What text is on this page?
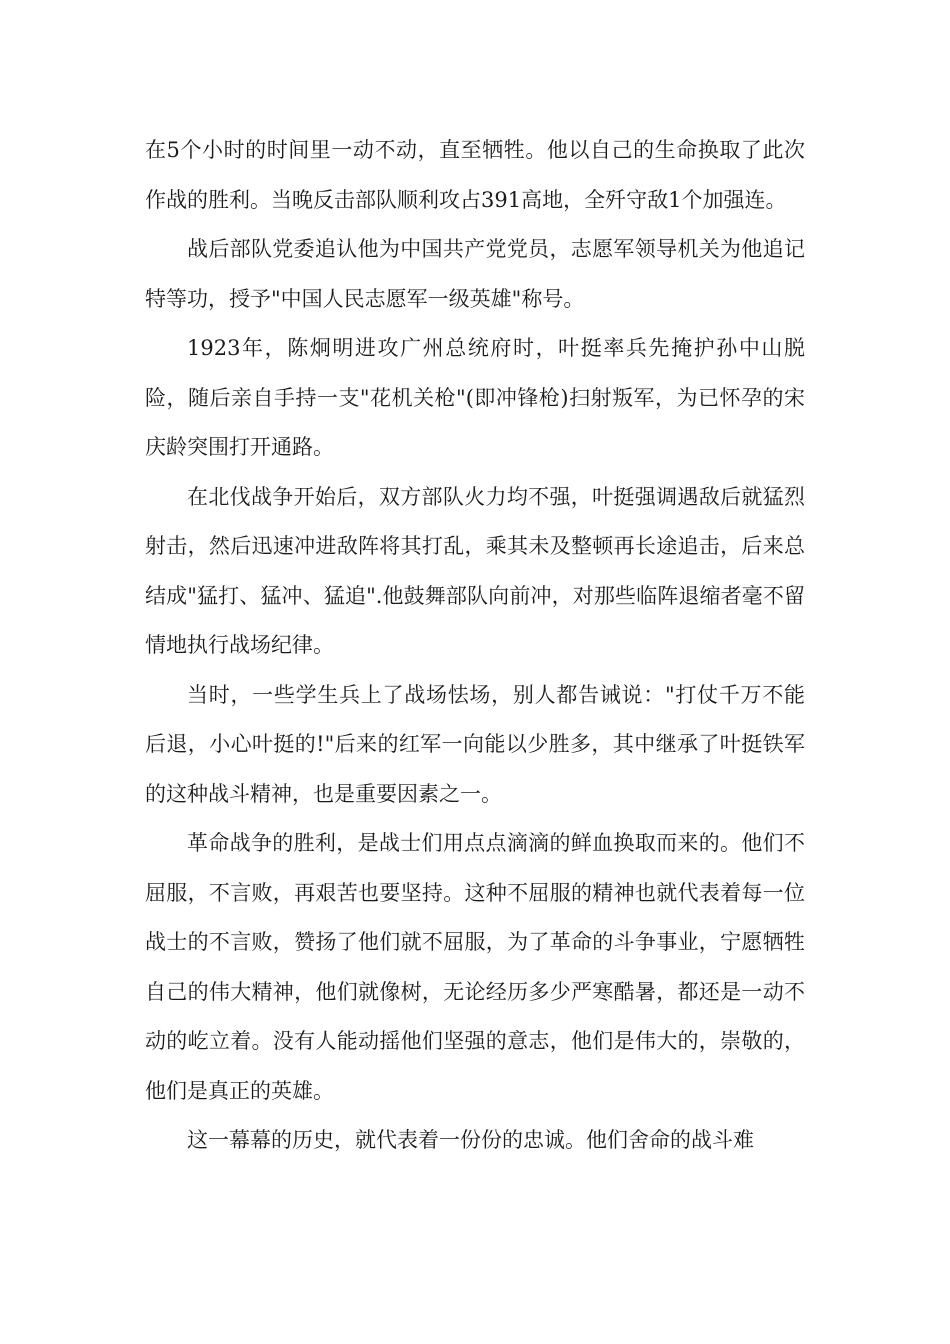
在5个小时的时间里一动不动，直至牺牲。他以自己的生命换取了此次作战的胜利。当晚反击部队顺利攻占391高地，全歼守敌1个加强连。

战后部队党委追认他为中国共产党党员，志愿军领导机关为他追记特等功，授予"中国人民志愿军一级英雄"称号。

1923年，陈炯明进攻广州总统府时，叶挺率兵先掩护孙中山脱险，随后亲自手持一支"花机关枪"(即冲锋枪)扫射叛军，为已怀孕的宋庆龄突围打开通路。

在北伐战争开始后，双方部队火力均不强，叶挺强调遇敌后就猛烈射击，然后迅速冲进敌阵将其打乱，乘其未及整顿再长途追击，后来总结成"猛打、猛冲、猛追".他鼓舞部队向前冲，对那些临阵退缩者毫不留情地执行战场纪律。

当时，一些学生兵上了战场怯场，别人都告诫说："打仗千万不能后退，小心叶挺的!"后来的红军一向能以少胜多，其中继承了叶挺铁军的这种战斗精神，也是重要因素之一。

革命战争的胜利，是战士们用点点滴滴的鲜血换取而来的。他们不屈服，不言败，再艰苦也要坚持。这种不屈服的精神也就代表着每一位战士的不言败，赞扬了他们就不屈服，为了革命的斗争事业，宁愿牺牲自己的伟大精神，他们就像树，无论经历多少严寒酷暑，都还是一动不动的屹立着。没有人能动摇他们坚强的意志，他们是伟大的，崇敬的，他们是真正的英雄。

这一幕幕的历史，就代表着一份份的忠诚。他们舍命的战斗难
